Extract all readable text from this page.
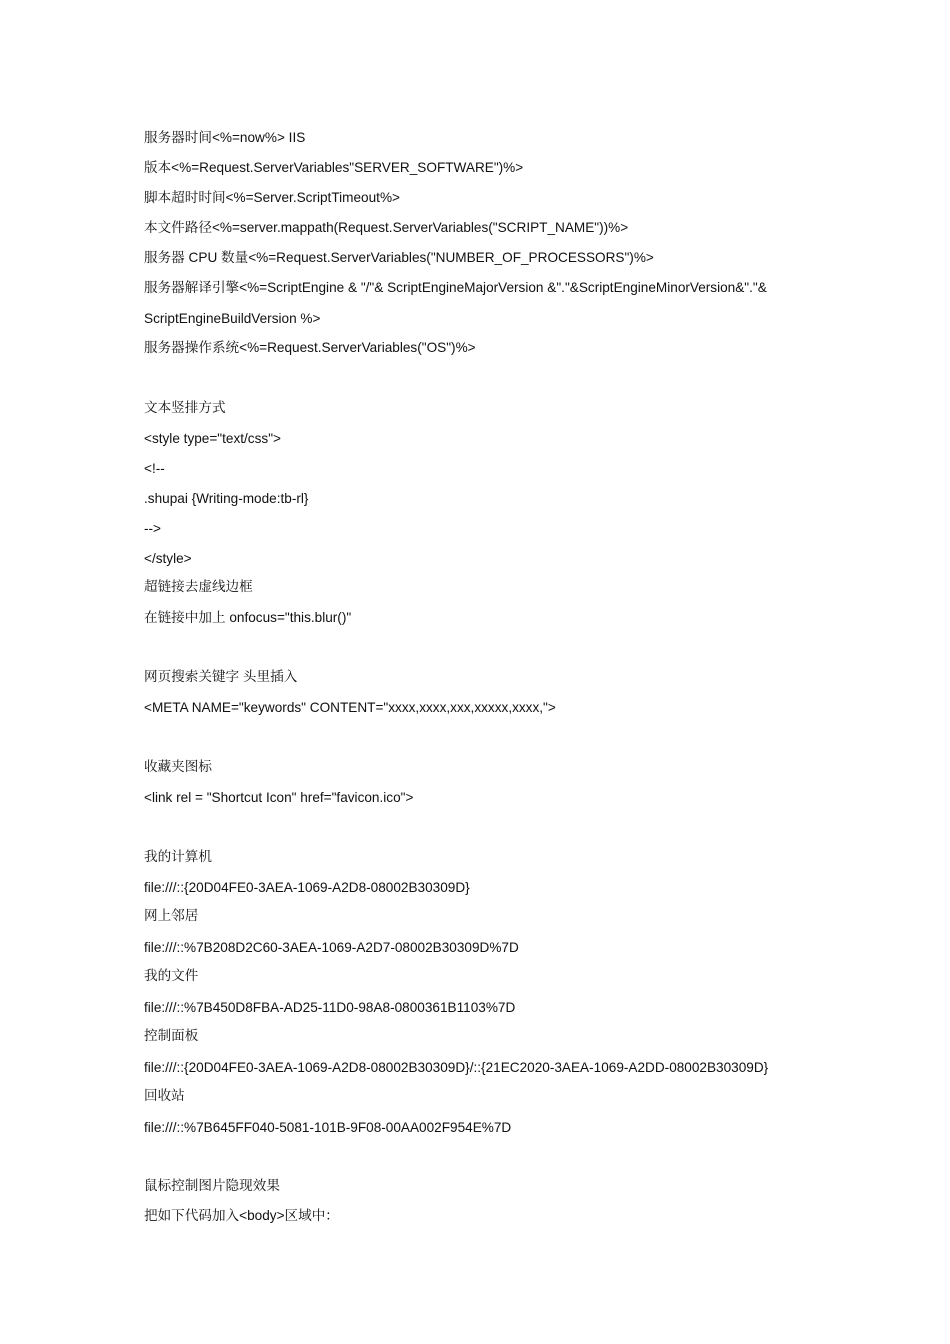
服务器时间<%=now%> IIS

版本<%=Request.ServerVariables"SERVER_SOFTWARE")%>

脚本超时时间<%=Server.ScriptTimeout%>

本文件路径<%=server.mappath(Request.ServerVariables("SCRIPT_NAME"))%>

服务器 CPU 数量<%=Request.ServerVariables("NUMBER_OF_PROCESSORS")%>

服务器解译引擎<%=ScriptEngine & "/"& ScriptEngineMajorVersion &"."&ScriptEngineMinorVersion&"."&

ScriptEngineBuildVersion %>

服务器操作系统<%=Request.ServerVariables("OS")%>

文本竖排方式

<style type="text/css">

<!--

.shupai {Writing-mode:tb-rl}

-->

</style>

超链接去虚线边框

在链接中加上 onfocus="this.blur()"

网页搜索关键字 头里插入

<META NAME="keywords" CONTENT="xxxx,xxxx,xxx,xxxxx,xxxx,">

收藏夹图标

<link rel = "Shortcut Icon" href="favicon.ico">

我的计算机

file:///::{20D04FE0-3AEA-1069-A2D8-08002B30309D}

网上邻居

file:///::%7B208D2C60-3AEA-1069-A2D7-08002B30309D%7D

我的文件

file:///::%7B450D8FBA-AD25-11D0-98A8-0800361B1103%7D

控制面板

file:///::{20D04FE0-3AEA-1069-A2D8-08002B30309D}/::{21EC2020-3AEA-1069-A2DD-08002B30309D}

回收站

file:///::%7B645FF040-5081-101B-9F08-00AA002F954E%7D

鼠标控制图片隐现效果

把如下代码加入<body>区域中：
